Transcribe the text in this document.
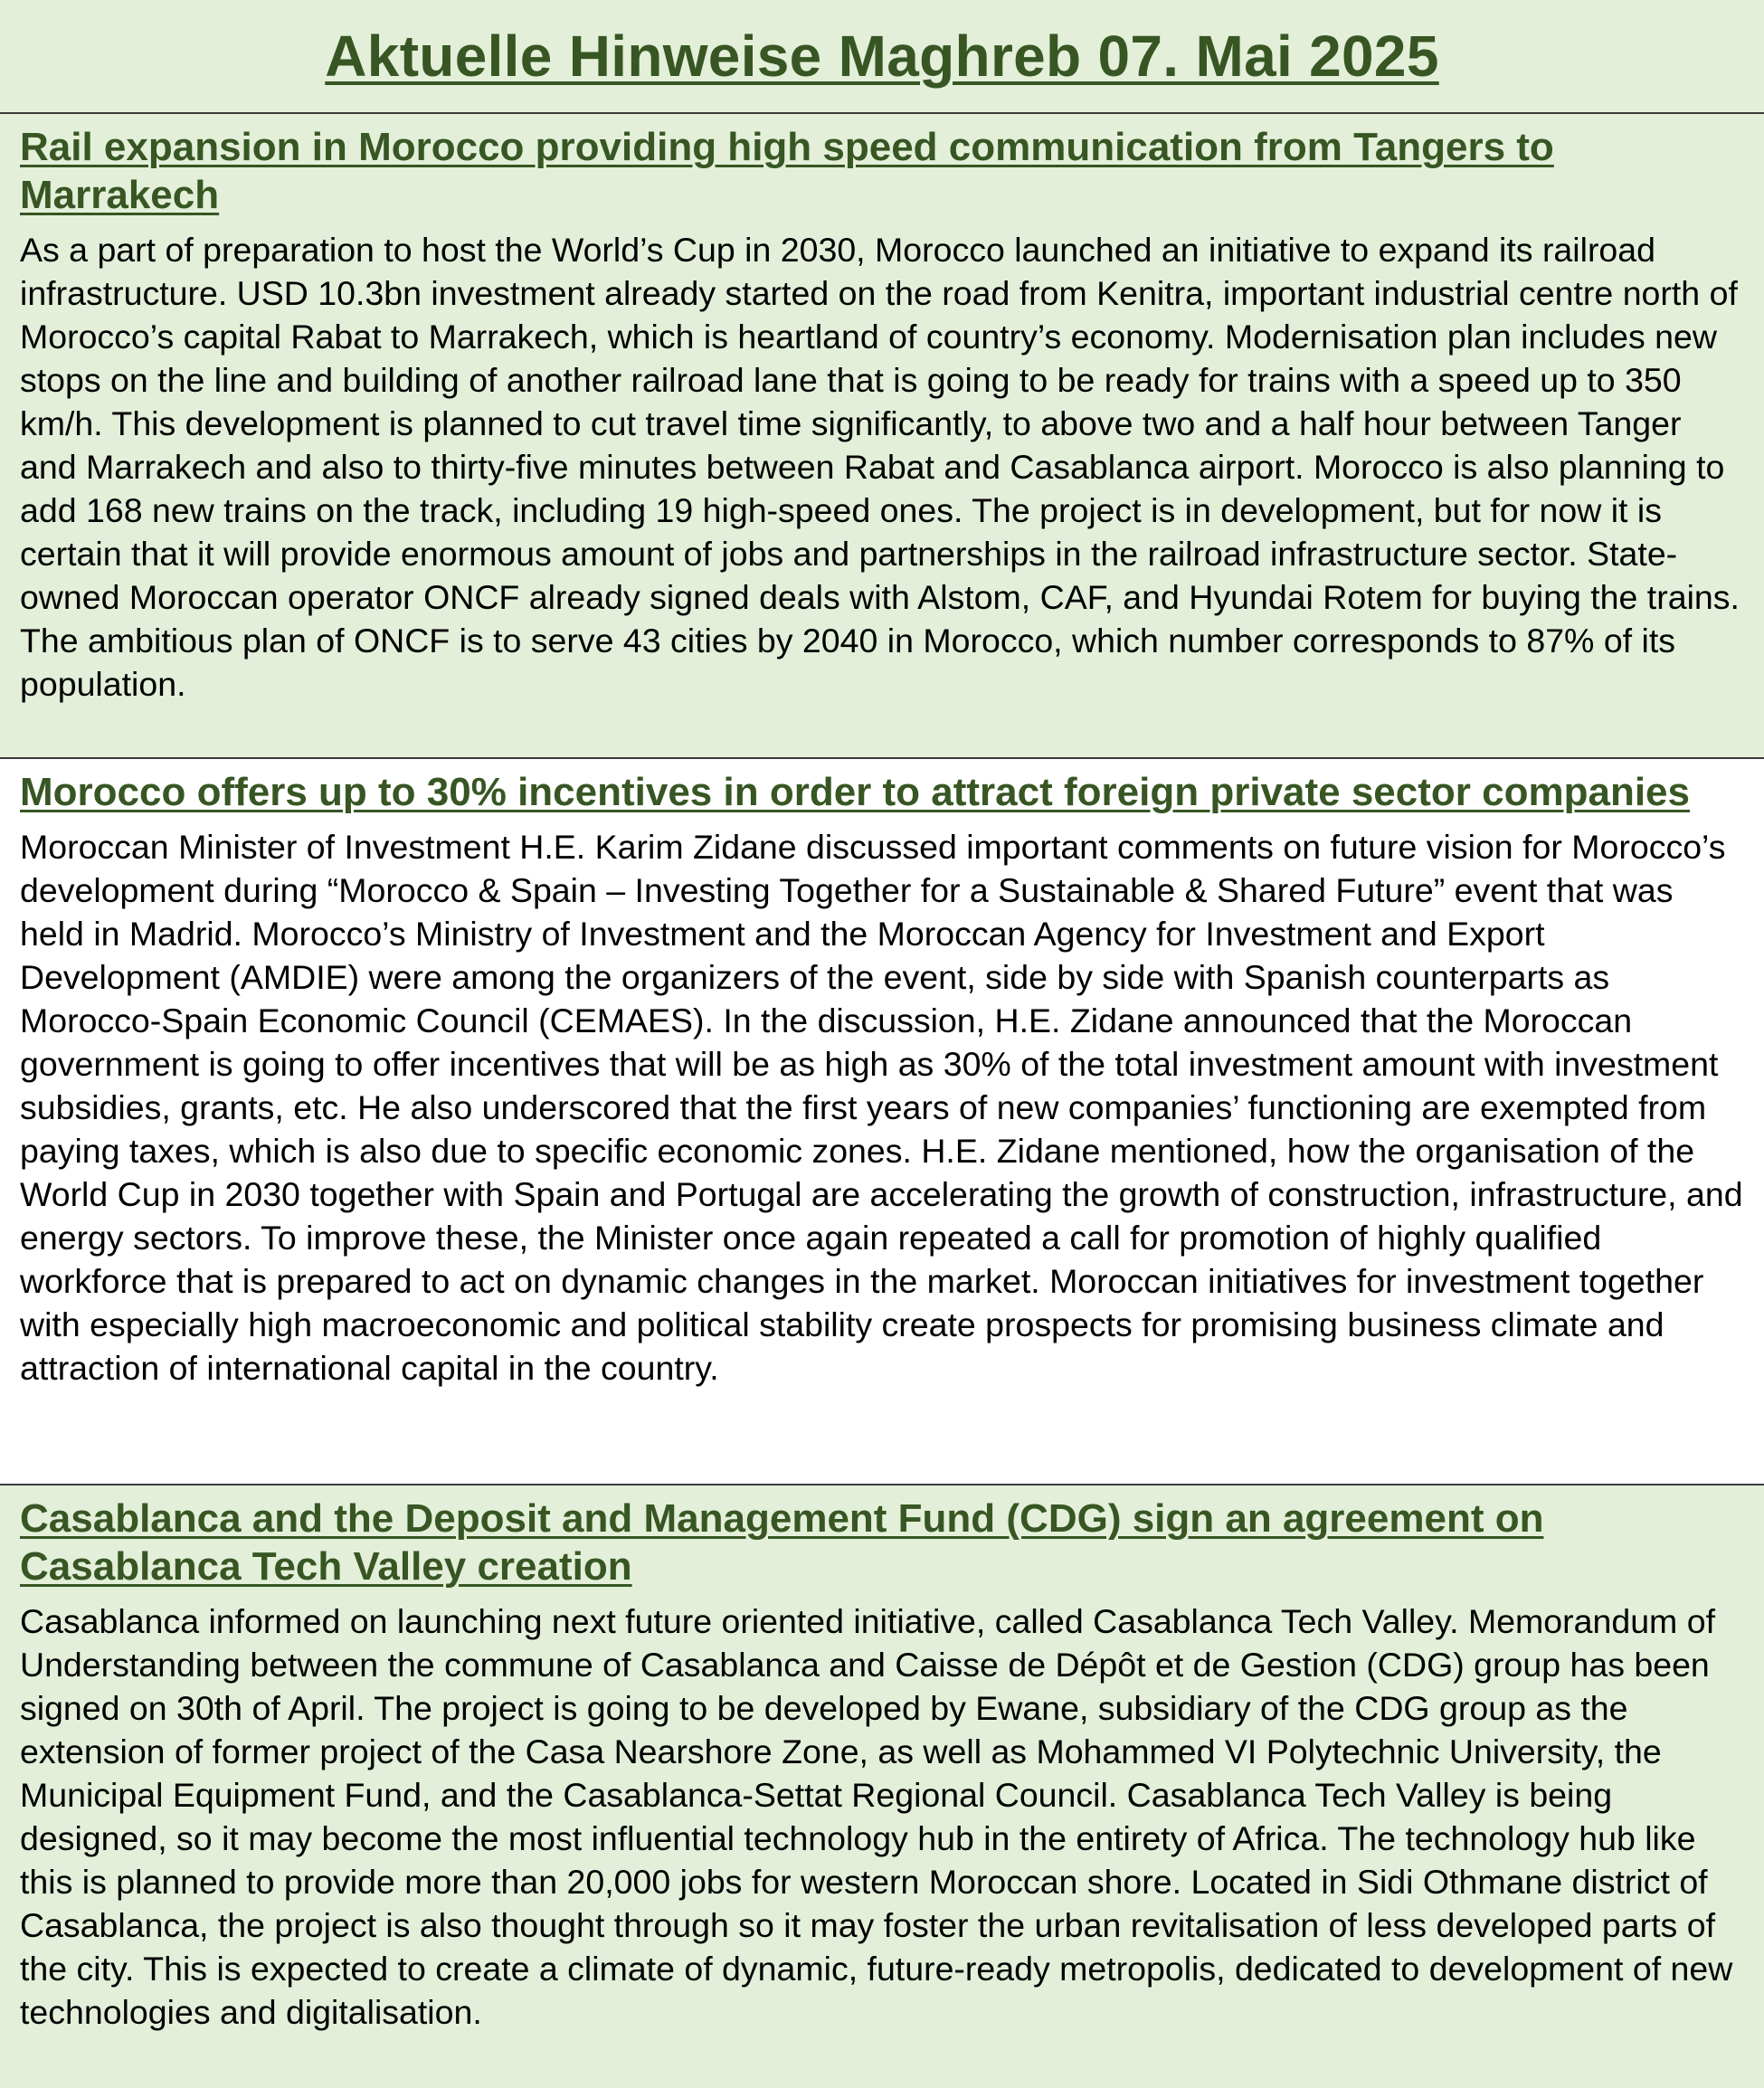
Aktuelle Hinweise Maghreb 07. Mai 2025
Rail expansion in Morocco providing high speed communication from Tangers to Marrakech

As a part of preparation to host the World’s Cup in 2030, Morocco launched an initiative to expand its railroad infrastructure. USD 10.3bn investment already started on the road from Kenitra, important industrial centre north of Morocco’s capital Rabat to Marrakech, which is heartland of country’s economy. Modernisation plan includes new stops on the line and building of another railroad lane that is going to be ready for trains with a speed up to 350 km/h. This development is planned to cut travel time significantly, to above two and a half hour between Tanger and Marrakech and also to thirty-five minutes between Rabat and Casablanca airport. Morocco is also planning to add 168 new trains on the track, including 19 high-speed ones. The project is in development, but for now it is certain that it will provide enormous amount of jobs and partnerships in the railroad infrastructure sector. State-owned Moroccan operator ONCF already signed deals with Alstom, CAF, and Hyundai Rotem for buying the trains. The ambitious plan of ONCF is to serve 43 cities by 2040 in Morocco, which number corresponds to 87% of its population.

Morocco offers up to 30% incentives in order to attract foreign private sector companies

Moroccan Minister of Investment H.E. Karim Zidane discussed important comments on future vision for Morocco’s development during “Morocco & Spain – Investing Together for a Sustainable & Shared Future” event that was held in Madrid. Morocco’s Ministry of Investment and the Moroccan Agency for Investment and Export Development (AMDIE) were among the organizers of the event, side by side with Spanish counterparts as Morocco-Spain Economic Council (CEMAES). In the discussion, H.E. Zidane announced that the Moroccan government is going to offer incentives that will be as high as 30% of the total investment amount with investment subsidies, grants, etc. He also underscored that the first years of new companies’ functioning are exempted from paying taxes, which is also due to specific economic zones. H.E. Zidane mentioned, how the organisation of the World Cup in 2030 together with Spain and Portugal are accelerating the growth of construction, infrastructure, and energy sectors. To improve these, the Minister once again repeated a call for promotion of highly qualified workforce that is prepared to act on dynamic changes in the market. Moroccan initiatives for investment together with especially high macroeconomic and political stability create prospects for promising business climate and attraction of international capital in the country.

Casablanca and the Deposit and Management Fund (CDG) sign an agreement on Casablanca Tech Valley creation

Casablanca informed on launching next future oriented initiative, called Casablanca Tech Valley. Memorandum of Understanding between the commune of Casablanca and Caisse de Dépôt et de Gestion (CDG) group has been signed on 30th of April. The project is going to be developed by Ewane, subsidiary of the CDG group as the extension of former project of the Casa Nearshore Zone, as well as Mohammed VI Polytechnic University, the Municipal Equipment Fund, and the Casablanca-Settat Regional Council. Casablanca Tech Valley is being designed, so it may become the most influential technology hub in the entirety of Africa. The technology hub like this is planned to provide more than 20,000 jobs for western Moroccan shore. Located in Sidi Othmane district of Casablanca, the project is also thought through so it may foster the urban revitalisation of less developed parts of the city. This is expected to create a climate of dynamic, future-ready metropolis, dedicated to development of new technologies and digitalisation.
